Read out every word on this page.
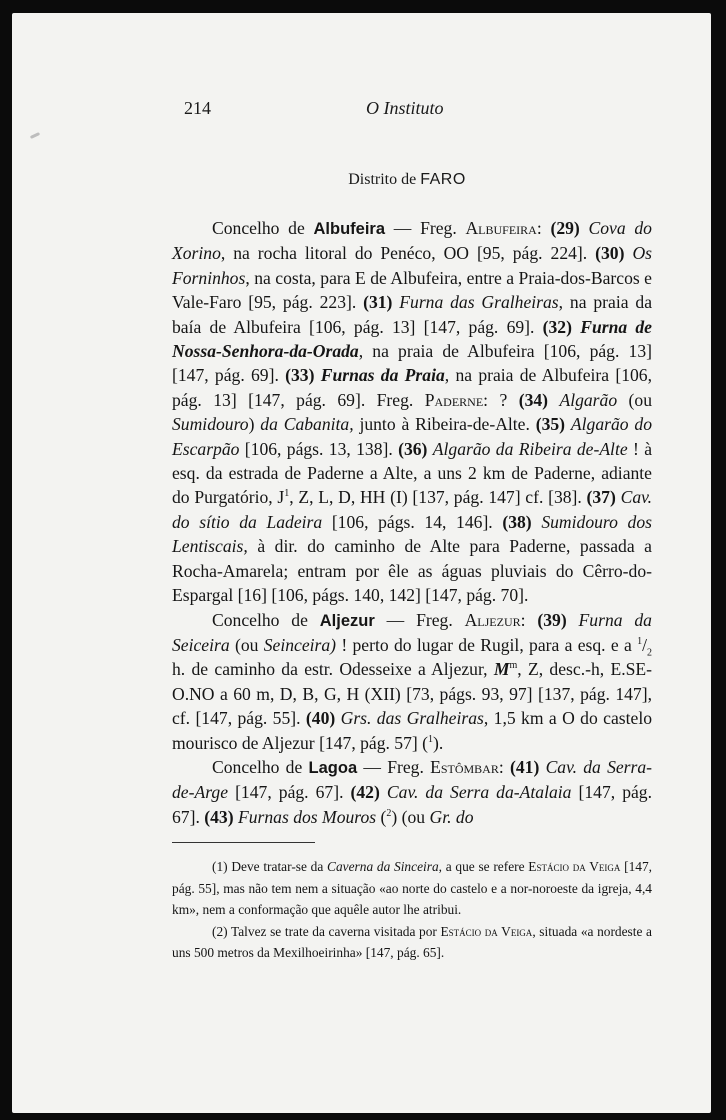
214	O Instituto
Distrito de FARO

Concelho de Albufeira — Freg. Albufeira: (29) Cova do Xorino, na rocha litoral do Penéco, OO [95, pág. 224]. (30) Os Forninhos, na costa, para E de Albufeira, entre a Praia-dos-Barcos e Vale-Faro [95, pág. 223]. (31) Furna das Gralheiras, na praia da baía de Albufeira [106, pág. 13] [147, pág. 69]. (32) Furna de Nossa-Senhora-da-Orada, na praia de Albufeira [106, pág. 13] [147, pág. 69]. (33) Furnas da Praia, na praia de Albufeira [106, pág. 13] [147, pág. 69]. Freg. Paderne: ? (34) Algarão (ou Sumidouro) da Cabanita, junto à Ribeira-de-Alte. (35) Algarão do Escarpão [106, págs. 13, 138]. (36) Algarão da Ribeira de-Alte ! à esq. da estrada de Paderne a Alte, a uns 2 km de Paderne, adiante do Purgatório, $J^1$, Z, L, D, HH (I) [137, pág. 147] cf. [38]. (37) Cav. do sítio da Ladeira [106, págs. 14, 146]. (38) Sumidouro dos Lentiscais, à dir. do caminho de Alte para Paderne, passada a Rocha-Amarela; entram por êle as águas pluviais do Cêrro-do-Espargal [16] [106, págs. 140, 142] [147, pág. 70].

Concelho de Aljezur — Freg. Aljezur: (39) Furna da Seiceira (ou Seinceira) ! perto do lugar de Rugil, para a esq. e a $^1/_2$ h. de caminho da estr. Odesseixe a Aljezur, $M^m$, Z, desc.-h, E.SE-O.NO a 60 m, D, B, G, H (XII) [73, págs. 93, 97] [137, pág. 147], cf. [147, pág. 55]. (40) Grs. das Gralheiras, 1,5 km a O do castelo mourisco de Aljezur [147, pág. 57] ($^1$).

Concelho de Lagoa — Freg. Estômbar: (41) Cav. da Serra-de-Arge [147, pág. 67]. (42) Cav. da Serra da-Atalaia [147, pág. 67]. (43) Furnas dos Mouros ($^2$) (ou Gr. do

(1) Deve tratar-se da Caverna da Sinceira, a que se refere Estácio da Veiga [147, pág. 55], mas não tem nem a situação «ao norte do castelo e a nor-noroeste da igreja, 4,4 km», nem a conformação que aquêle autor lhe atribui.

(2) Talvez se trate da caverna visitada por Estácio da Veiga, situada «a nordeste a uns 500 metros da Mexilhoeirinha» [147, pág. 65].
